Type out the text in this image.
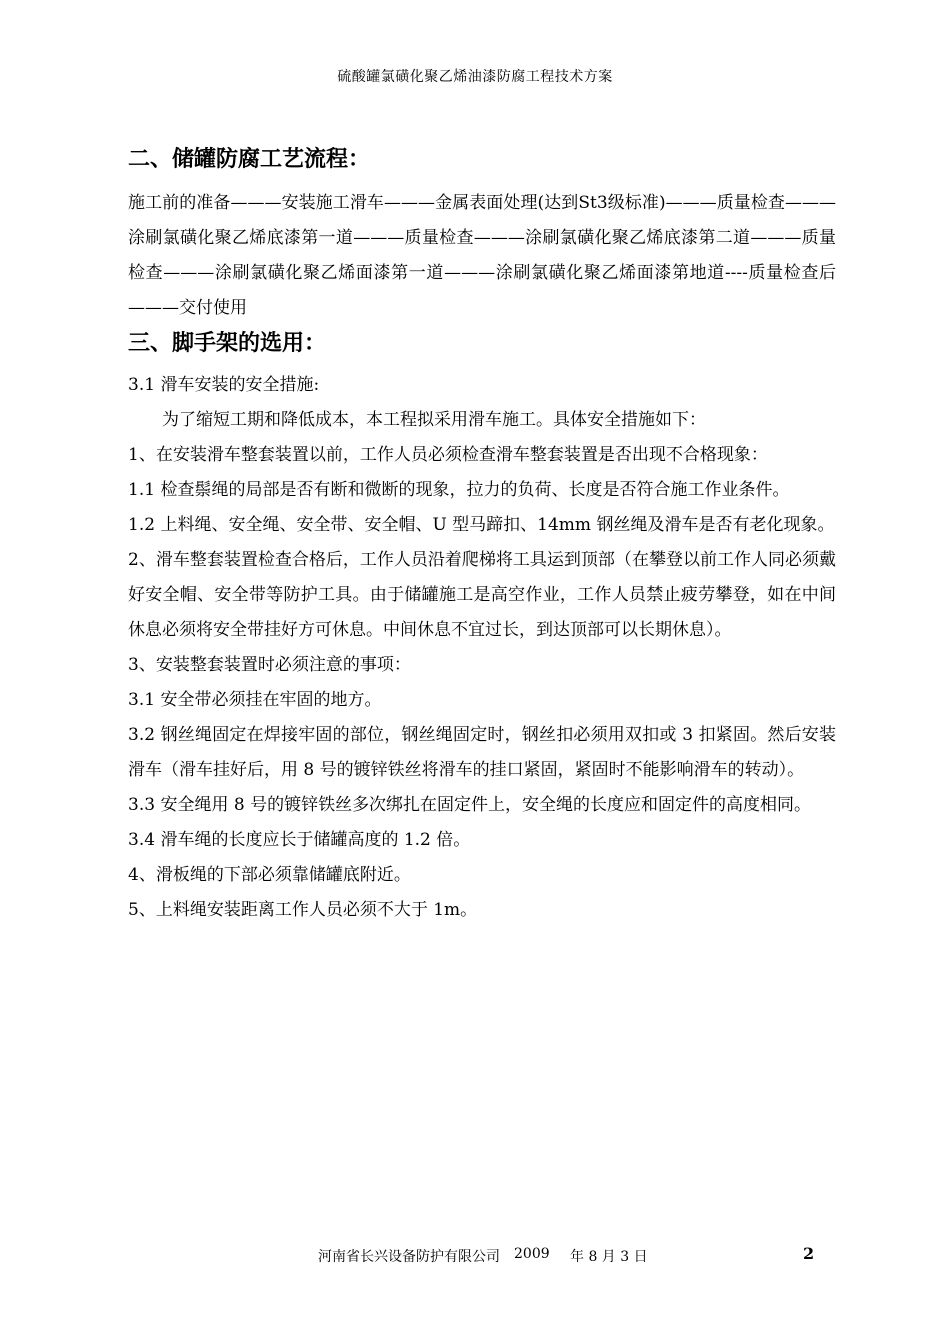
硫酸罐氯磺化聚乙烯油漆防腐工程技术方案
二、储罐防腐工艺流程：

施工前的准备———安装施工滑车———金属表面处理(达到St3级标准)———质量检查———涂刷氯磺化聚乙烯底漆第一道———质量检查———涂刷氯磺化聚乙烯底漆第二道———质量检查———涂刷氯磺化聚乙烯面漆第一道———涂刷氯磺化聚乙烯面漆第地道----质量检查后———交付使用

三、脚手架的选用：

3.1 滑车安装的安全措施:

为了缩短工期和降低成本，本工程拟采用滑车施工。具体安全措施如下：

1、在安装滑车整套装置以前，工作人员必须检查滑车整套装置是否出现不合格现象：

1.1 检查鬃绳的局部是否有断和微断的现象，拉力的负荷、长度是否符合施工作业条件。

1.2 上料绳、安全绳、安全带、安全帽、U 型马蹄扣、14mm 钢丝绳及滑车是否有老化现象。

2、滑车整套装置检查合格后，工作人员沿着爬梯将工具运到顶部（在攀登以前工作人同必须戴好安全帽、安全带等防护工具。由于储罐施工是高空作业，工作人员禁止疲劳攀登，如在中间休息必须将安全带挂好方可休息。中间休息不宜过长，到达顶部可以长期休息）。

3、安装整套装置时必须注意的事项：

3.1 安全带必须挂在牢固的地方。

3.2 钢丝绳固定在焊接牢固的部位，钢丝绳固定时，钢丝扣必须用双扣或 3 扣紧固。然后安装滑车（滑车挂好后，用 8 号的镀锌铁丝将滑车的挂口紧固，紧固时不能影响滑车的转动）。

3.3 安全绳用 8 号的镀锌铁丝多次绑扎在固定件上，安全绳的长度应和固定件的高度相同。

3.4 滑车绳的长度应长于储罐高度的 1.2 倍。

4、滑板绳的下部必须靠储罐底附近。

5、上料绳安装距离工作人员必须不大于 1m。

河南省长兴设备防护有限公司 2009 年 8 月 3 日	2
